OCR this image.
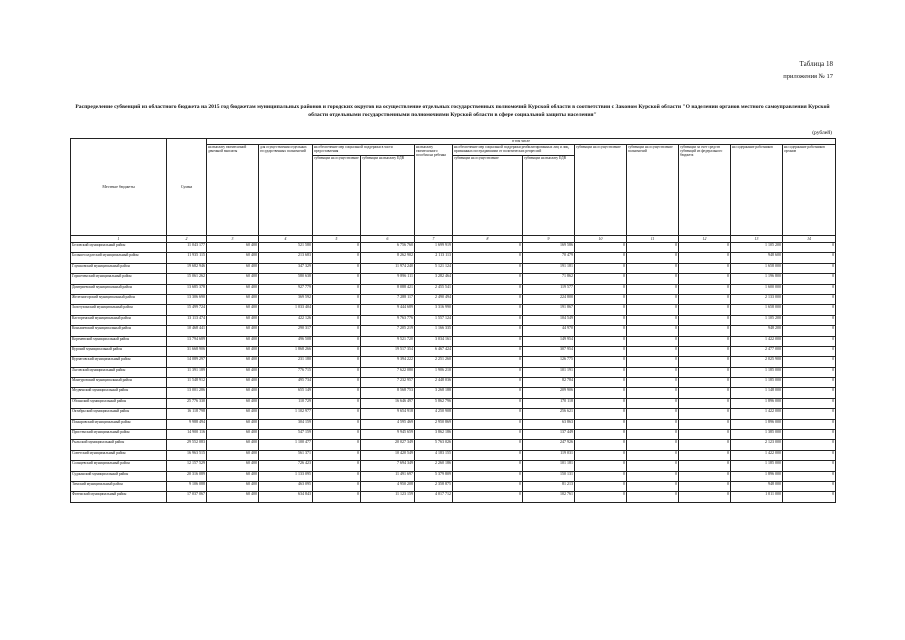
Таблица 18
приложения № 17
Распределение субвенций из областного бюджета на 2015 год бюджетам муниципальных районов и городских округов на осуществление отдельных государственных полномочий Курской области в соответствии с Законом Курской области "О наделении органов местного самоуправления Курской области отдельными государственными полномочиями Курской области в сфере социальной защиты населения"
(рублей)
Местные бюджеты	Сумма	в том числе											
		на выплату ежемесячной денежной выплаты	для осуществления отдельных государственных полномочий	на обеспечение мер социальной поддержки в части предоставления		на выплату ежемесячного пособия на ребенка	на обеспечение мер социальной поддержки реабилитированных лиц и лиц, признанных пострадавшими от политических репрессий		субвенции на осуществление	субвенции на осуществление полномочий	субвенции за счет средств субвенций из федерального бюджета	на содержание работников	на содержание работников органов
				субвенции на осуществление	субвенции на выплату ЕДВ		субвенции на осуществление	субвенции на выплату ЕДВ					
1	2	3	4	5	6	7	8	9	10	11	12	13	14
Беловский муниципальный район	11 043 177	60 400	521 580	0	6 756 760	1 699 919	0	169 586	0	0	0	1 105 200	0
Большесолдатский муниципальный район	11 935 115	60 400	213 683	0	8 262 902	2 113 113	0	70 479	0	0	0	948 600	0
Глушковский муниципальный район	19 682 946	60 400	347 329	0	11 974 240	5 121 124	0	191 181	0	0	0	1 658 000	0
Горшеченский муниципальный район	15 061 262	60 400	580 638	0	9 896 111	3 282 464	0	71 862	0	0	0	1 196 800	0
Дмитриевский муниципальный район	13 685 378	60 400	927 779	0	8 088 421	2 455 541	0	119 577	0	0	0	1 600 000	0
Железногорский муниципальный район	13 306 690	60 400	369 592	0	7 288 117	2 490 494	0	224 800	0	0	0	2 133 000	0
Золотухинский муниципальный район	15 499 724	60 400	1 033 404	0	9 444 689	3 316 990	0	191 867	0	0	0	1 658 000	0
Касторенский муниципальный район	13 113 474	60 400	422 126	0	9 763 776	1 557 124	0	104 549	0	0	0	1 105 200	0
Конышевский муниципальный район	10 468 441	60 400	290 317	0	7 205 219	1 166 335	0	44 970	0	0	0	948 200	0
Кореневский муниципальный район	13 794 689	60 400	496 508	0	9 521 720	3 034 161	0	149 954	0	0	0	1 422 000	0
Курский муниципальный район	31 668 906	60 400	1 868 266	0	19 517 354	6 467 424	0	307 954	0	0	0	2 477 000	0
Курчатовский муниципальный район	14 089 297	60 400	231 180	0	9 394 222	2 251 260	0	126 775	0	0	0	2 025 900	0
Льговский муниципальный район	11 391 189	60 400	776 715	0	7 622 080	1 906 210	0	101 191	0	0	0	1 185 000	0
Мантуровский муниципальный район	11 548 912	60 400	495 734	0	7 232 957	2 448 036	0	82 784	0	0	0	1 185 000	0
Медвенский муниципальный район	13 001 286	60 400	655 149	0	8 568 753	3 268 188	0	209 906	0	0	0	1 148 000	0
Обоянский муниципальный район	25 776 330	60 400	110 729	0	16 646 497	5 862 796	0	170 118	0	0	0	1 896 000	0
Октябрьский муниципальный район	16 118 798	60 400	1 102 977	0	9 654 918	4 250 908	0	256 621	0	0	0	1 422 000	0
Поныровский муниципальный район	9 988 494	60 400	304 159	0	4 595 469	2 950 869	0	63 863	0	0	0	1 896 000	0
Пристенский муниципальный район	14 900 116	60 400	547 159	0	9 945 659	3 862 186	0	137 449	0	0	0	1 385 000	0
Рыльский муниципальный район	29 552 083	60 400	1 100 477	0	20 027 349	5 763 026	0	247 926	0	0	0	2 123 000	0
Советский муниципальный район	16 963 515	60 400	561 371	0	10 420 549	4 183 155	0	119 031	0	0	0	1 422 000	0
Солнцевский муниципальный район	12 157 529	60 400	726 423	0	7 694 349	2 260 186	0	101 181	0	0	0	1 185 000	0
Суджанский муниципальный район	20 316 089	60 400	1 133 095	0	11 491 697	5 379 809	0	150 131	0	0	0	1 896 000	0
Тимский муниципальный район	9 106 088	60 400	463 095	0	4 950 208	2 358 875	0	81 213	0	0	0	948 000	0
Фатежский муниципальный район	17 037 067	60 400	634 843	0	11 123 159	4 017 712	0	102 761	0	0	0	1 011 000	0
